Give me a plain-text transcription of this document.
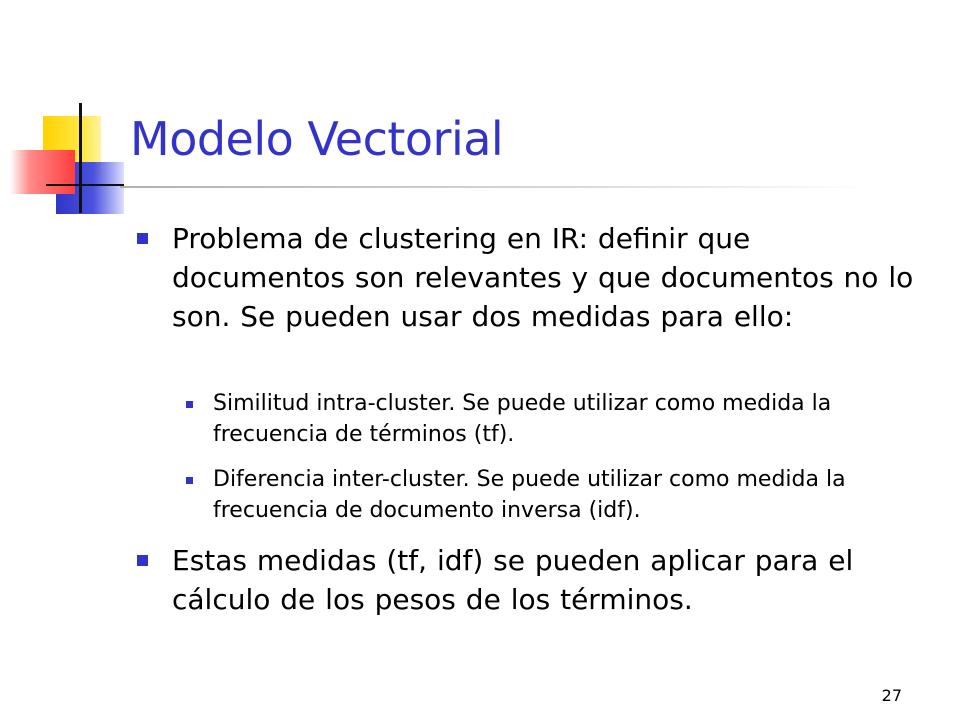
Modelo Vectorial

Problema de clustering en IR: definir que documentos son relevantes y que documentos no lo son. Se pueden usar dos medidas para ello:

Similitud intra-cluster. Se puede utilizar como medida la frecuencia de términos (tf).

Diferencia inter-cluster. Se puede utilizar como medida la frecuencia de documento inversa (idf).

Estas medidas (tf, idf) se pueden aplicar para el cálculo de los pesos de los términos.

27
